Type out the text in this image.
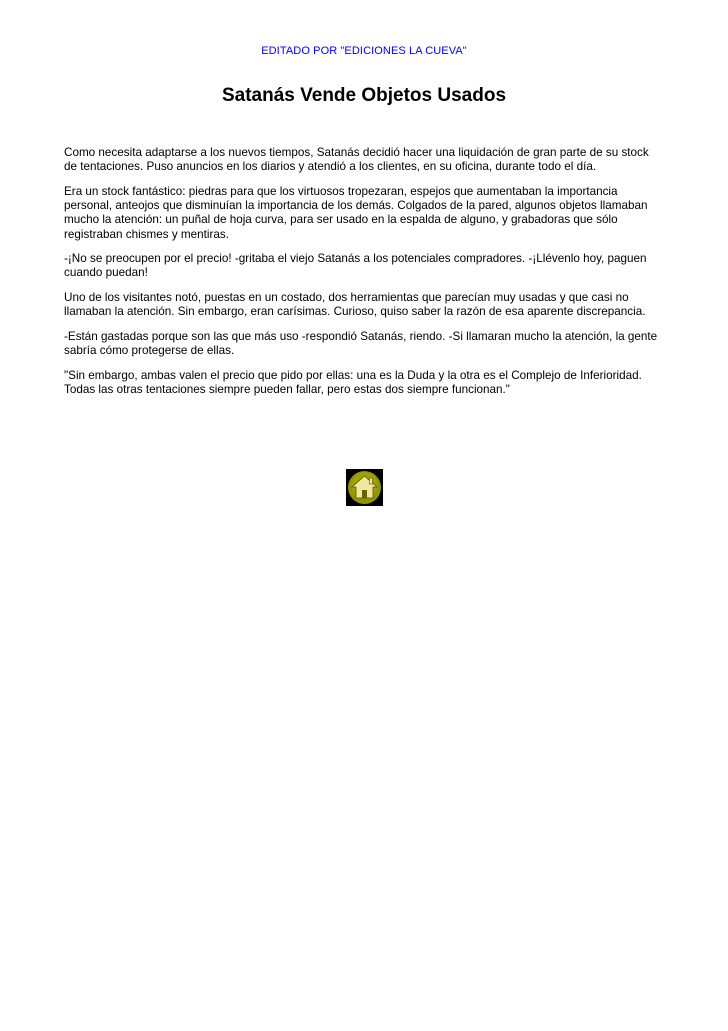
EDITADO POR "EDICIONES LA CUEVA"
Satanás Vende Objetos Usados

Como necesita adaptarse a los nuevos tiempos, Satanás decidió hacer una liquidación de gran parte de su stock de tentaciones. Puso anuncios en los diarios y atendió a los clientes, en su oficina, durante todo el día.

Era un stock fantástico: piedras para que los virtuosos tropezaran, espejos que aumentaban la importancia personal, anteojos que disminuían la importancia de los demás. Colgados de la pared, algunos objetos llamaban mucho la atención: un puñal de hoja curva, para ser usado en la espalda de alguno, y grabadoras que sólo registraban chismes y mentiras.

-¡No se preocupen por el precio! -gritaba el viejo Satanás a los potenciales compradores. -¡Llévenlo hoy, paguen cuando puedan!

Uno de los visitantes notó, puestas en un costado, dos herramientas que parecían muy usadas y que casi no llamaban la atención. Sin embargo, eran carísimas. Curioso, quiso saber la razón de esa aparente discrepancia.

-Están gastadas porque son las que más uso -respondió Satanás, riendo. -Si llamaran mucho la atención, la gente sabría cómo protegerse de ellas.

"Sin embargo, ambas valen el precio que pido por ellas: una es la Duda y la otra es el Complejo de Inferioridad. Todas las otras tentaciones siempre pueden fallar, pero estas dos siempre funcionan."
